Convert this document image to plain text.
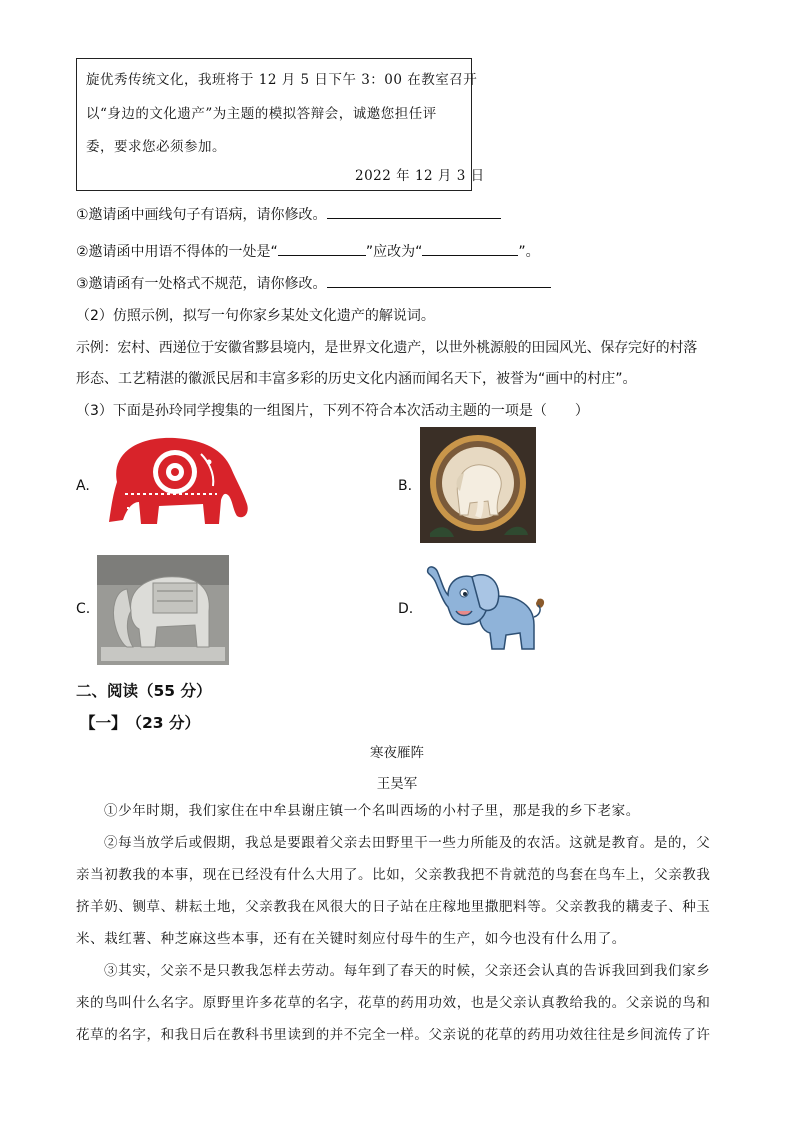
旋优秀传统文化，我班将于 12 月 5 日下午 3：00 在教室召开
以“身边的文化遗产”为主题的模拟答辩会，诚邀您担任评
委，要求您必须参加。
2022 年 12 月 3 日
①邀请函中画线句子有语病，请你修改。
②邀请函中用语不得体的一处是“	”应改为“	”。
③邀请函有一处格式不规范，请你修改。
（2）仿照示例，拟写一句你家乡某处文化遗产的解说词。
示例：宏村、西递位于安徽省黟县境内，是世界文化遗产，以世外桃源般的田园风光、保存完好的村落
形态、工艺精湛的徽派民居和丰富多彩的历史文化内涵而闻名天下，被誉为“画中的村庄”。
（3）下面是孙玲同学搜集的一组图片，下列不符合本次活动主题的一项是（　　）
A.	B.
C.	D.
二、阅读（55 分）
【一】　（23 分）
寒夜雁阵
王昊军
①少年时期，我们家住在中牟县谢庄镇一个名叫西场的小村子里，那是我的乡下老家。
②每当放学后或假期，我总是要跟着父亲去田野里干一些力所能及的农活。这就是教育。是的，父
亲当初教我的本事，现在已经没有什么大用了。比如，父亲教我把不肯就范的鸟套在鸟车上，父亲教我
挤羊奶、铡草、耕耘土地，父亲教我在风很大的日子站在庄稼地里撒肥料等。父亲教我的耩麦子、种玉
米、栽红薯、种芝麻这些本事，还有在关键时刻应付母牛的生产，如今也没有什么用了。
③其实，父亲不是只教我怎样去劳动。每年到了春天的时候，父亲还会认真的告诉我回到我们家乡
来的鸟叫什么名字。原野里许多花草的名字，花草的药用功效，也是父亲认真教给我的。父亲说的鸟和
花草的名字，和我日后在教科书里读到的并不完全一样。父亲说的花草的药用功效往往是乡间流传了许
